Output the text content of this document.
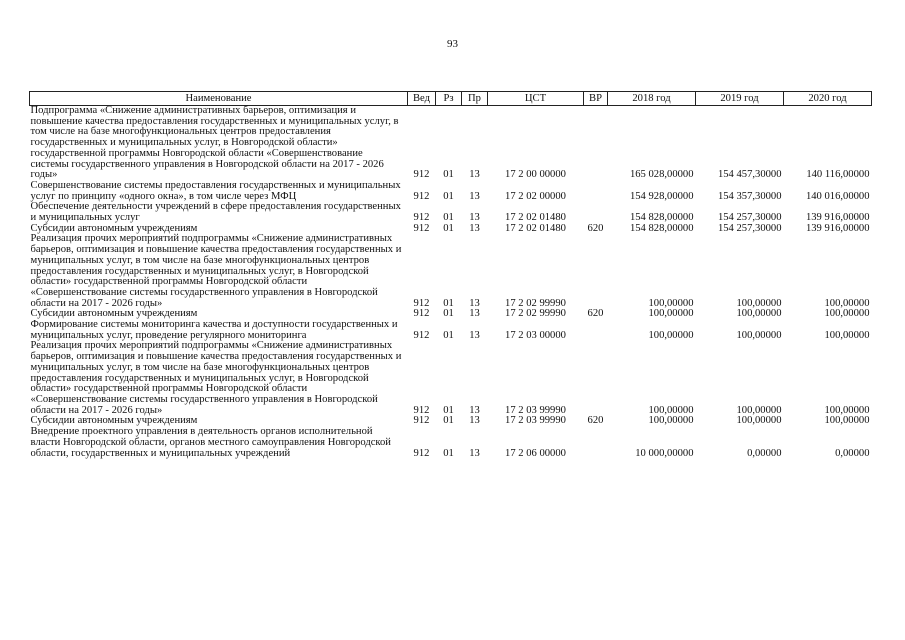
93
Наименование	Вед	Рз	Пр	ЦСТ	ВР	2018 год	2019 год	2020 год
Подпрограмма «Снижение административных барьеров, оптимизация и повышение качества предоставления государственных и муниципальных услуг, в том числе на базе многофункциональных центров предоставления государственных и муниципальных услуг, в Новгородской области» государственной программы Новгородской области «Совершенствование системы государственного управления в Новгородской области на 2017 - 2026 годы»	912	01	13	17 2 00 00000		165 028,00000	154 457,30000	140 116,00000
Совершенствование системы предоставления государственных и муниципальных услуг по принципу «одного окна», в том числе через МФЦ	912	01	13	17 2 02 00000		154 928,00000	154 357,30000	140 016,00000
Обеспечение деятельности учреждений в сфере предоставления государственных и муниципальных услуг	912	01	13	17 2 02 01480		154 828,00000	154 257,30000	139 916,00000
Субсидии автономным учреждениям	912	01	13	17 2 02 01480	620	154 828,00000	154 257,30000	139 916,00000
Реализация прочих мероприятий подпрограммы «Снижение административных барьеров, оптимизация и повышение качества предоставления государственных и муниципальных услуг, в том числе на базе многофункциональных центров предоставления государственных и муниципальных услуг, в Новгородской области» государственной программы Новгородской области «Совершенствование системы государственного управления в Новгородской области на 2017 - 2026 годы»	912	01	13	17 2 02 99990		100,00000	100,00000	100,00000
Субсидии автономным учреждениям	912	01	13	17 2 02 99990	620	100,00000	100,00000	100,00000
Формирование системы мониторинга качества и доступности государственных и муниципальных услуг, проведение регулярного мониторинга	912	01	13	17 2 03 00000		100,00000	100,00000	100,00000
Реализация прочих мероприятий подпрограммы «Снижение административных барьеров, оптимизация и повышение качества предоставления государственных и муниципальных услуг, в том числе на базе многофункциональных центров предоставления государственных и муниципальных услуг, в Новгородской области» государственной программы Новгородской области «Совершенствование системы государственного управления в Новгородской области на 2017 - 2026 годы»	912	01	13	17 2 03 99990		100,00000	100,00000	100,00000
Субсидии автономным учреждениям	912	01	13	17 2 03 99990	620	100,00000	100,00000	100,00000
Внедрение проектного управления в деятельность органов исполнительной власти Новгородской области, органов местного самоуправления Новгородской области, государственных и муниципальных учреждений	912	01	13	17 2 06 00000		10 000,00000	0,00000	0,00000
